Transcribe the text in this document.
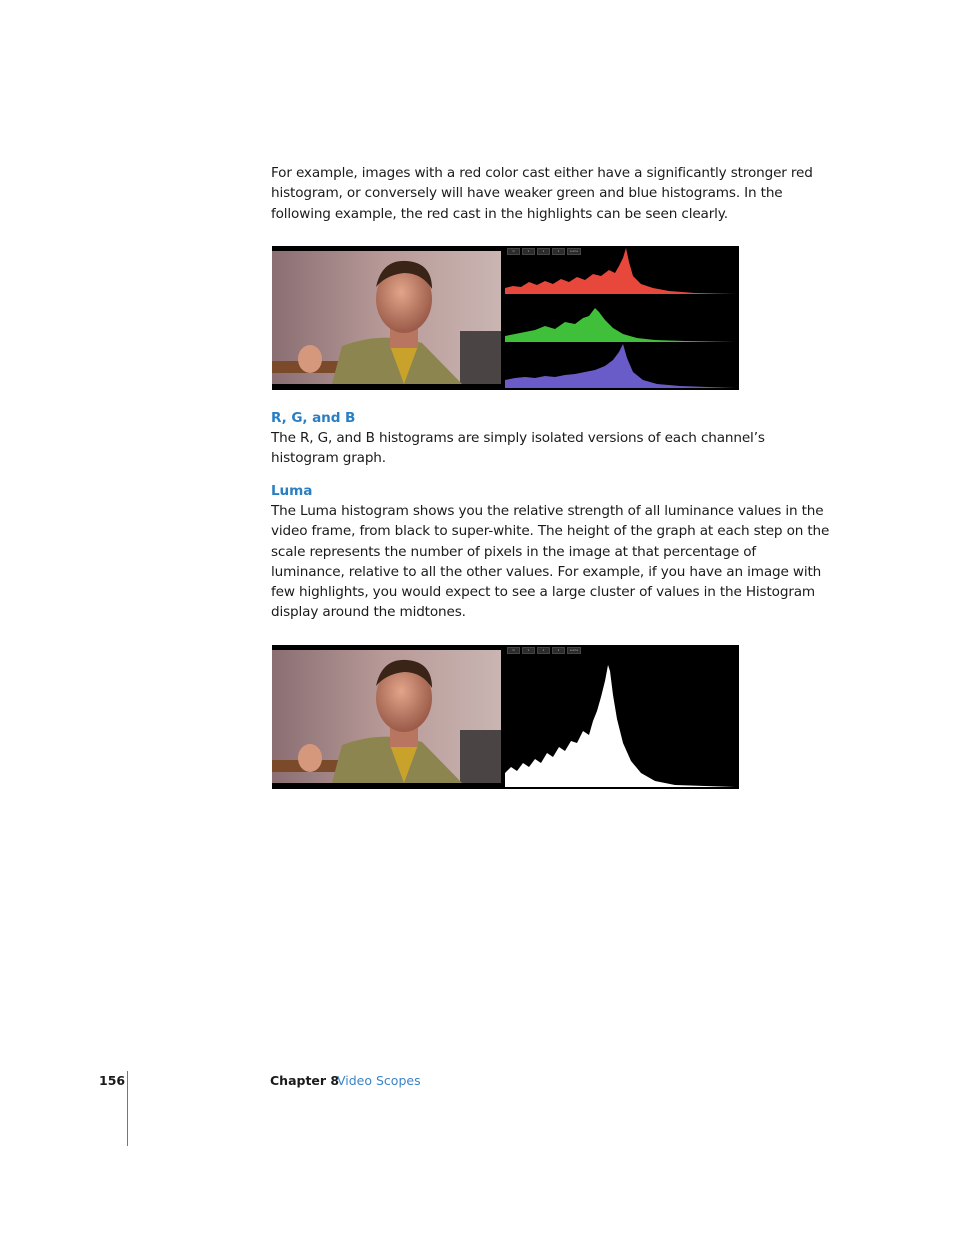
For example, images with a red color cast either have a significantly stronger red histogram, or conversely will have weaker green and blue histograms. In the following example, the red cast in the highlights can be seen clearly.

Q	1	1	1	Luma
R, G, and B

The R, G, and B histograms are simply isolated versions of each channel’s histogram graph.

Luma

The Luma histogram shows you the relative strength of all luminance values in the video frame, from black to super-white. The height of the graph at each step on the scale represents the number of pixels in the image at that percentage of luminance, relative to all the other values. For example, if you have an image with few highlights, you would expect to see a large cluster of values in the Histogram display around the midtones.

Q	1	1	1	Luma
156	Chapter 8
Video Scopes
